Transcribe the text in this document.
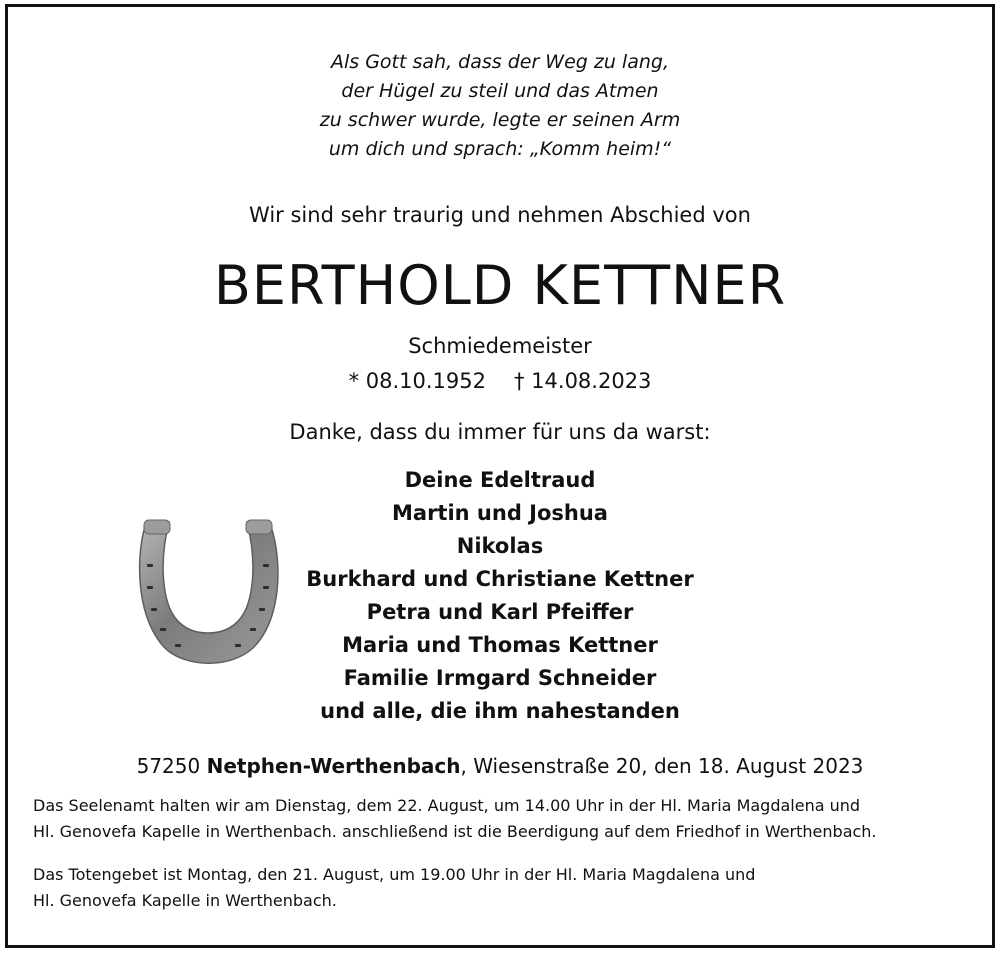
Als Gott sah, dass der Weg zu lang,
der Hügel zu steil und das Atmen
zu schwer wurde, legte er seinen Arm
um dich und sprach: „Komm heim!“
Wir sind sehr traurig und nehmen Abschied von
BERTHOLD KETTNER
Schmiedemeister
* 08.10.1952 † 14.08.2023
Danke, dass du immer für uns da warst:
Deine Edeltraud
Martin und Joshua
Nikolas
Burkhard und Christiane Kettner
Petra und Karl Pfeiffer
Maria und Thomas Kettner
Familie Irmgard Schneider
und alle, die ihm nahestanden
57250 Netphen-Werthenbach, Wiesenstraße 20, den 18. August 2023
Das Seelenamt halten wir am Dienstag, dem 22. August, um 14.00 Uhr in der Hl. Maria Magdalena und
Hl. Genovefa Kapelle in Werthenbach. anschließend ist die Beerdigung auf dem Friedhof in Werthenbach.
Das Totengebet ist Montag, den 21. August, um 19.00 Uhr in der Hl. Maria Magdalena und
Hl. Genovefa Kapelle in Werthenbach.
